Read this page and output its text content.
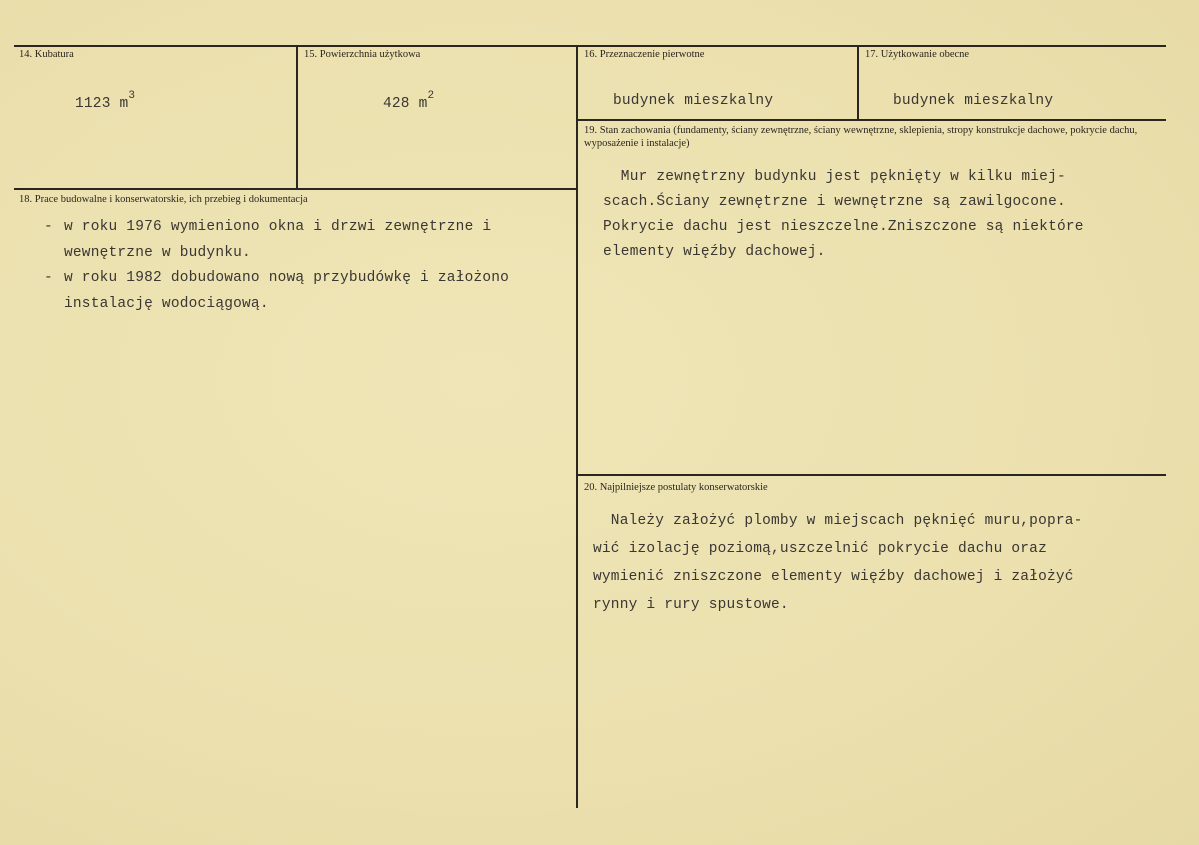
14. Kubatura
1123 $m^3$
15. Powierzchnia użytkowa
428 $m^2$
16. Przeznaczenie pierwotne
budynek mieszkalny
17. Użytkowanie obecne
budynek mieszkalny
18. Prace budowalne i konserwatorskie, ich przebieg i dokumentacja
- w roku 1976 wymieniono okna i drzwi zewnętrzne i
wewnętrzne w budynku.
- w roku 1982 dobudowano nową przybudówkę i założono
instalację wodociągową.
19. Stan zachowania (fundamenty, ściany zewnętrzne, ściany wewnętrzne, sklepienia, stropy konstrukcje dachowe, pokrycie dachu, wyposażenie i instalacje)
Mur zewnętrzny budynku jest pęknięty w kilku miej-
scach.Ściany zewnętrzne i wewnętrzne są zawilgocone.
Pokrycie dachu jest nieszczelne.Zniszczone są niektóre
elementy więźby dachowej.
20. Najpilniejsze postulaty konserwatorskie
Należy założyć plomby w miejscach pęknięć muru,popra-
wić izolację poziomą,uszczelnić pokrycie dachu oraz
wymienić zniszczone elementy więźby dachowej i założyć
rynny i rury spustowe.
